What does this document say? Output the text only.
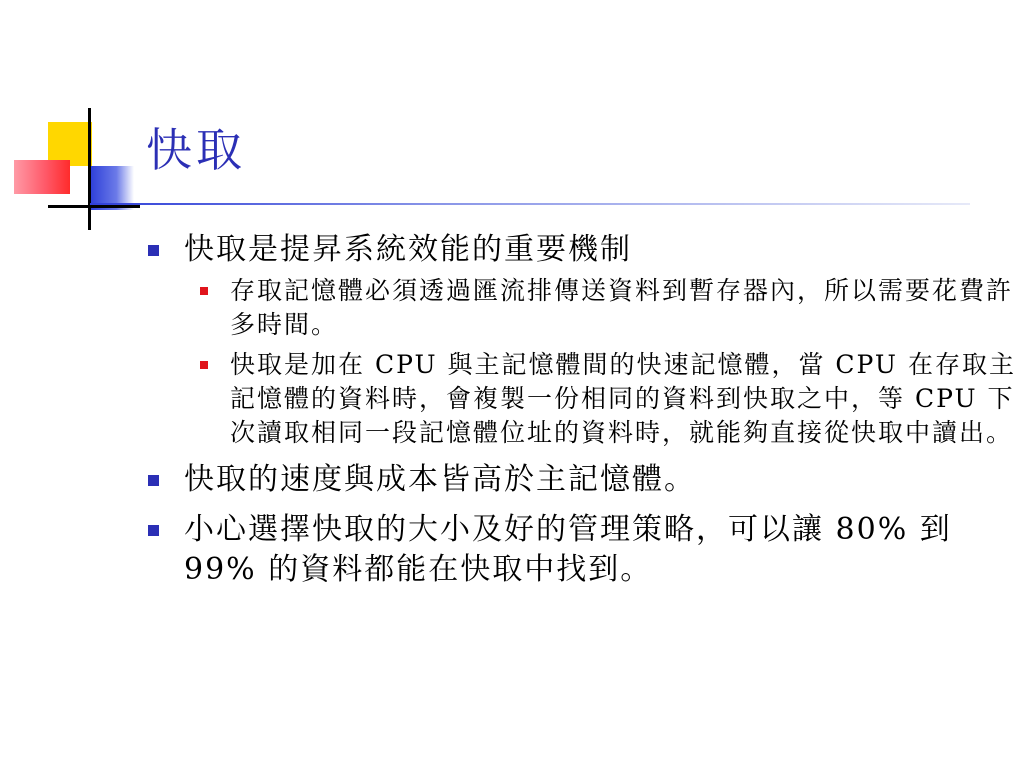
快取
快取是提昇系統效能的重要機制
存取記憶體必須透過匯流排傳送資料到暫存器內，所以需要花費許多時間。
快取是加在 CPU 與主記憶體間的快速記憶體，當 CPU 在存取主記憶體的資料時，會複製一份相同的資料到快取之中，等 CPU 下次讀取相同一段記憶體位址的資料時，就能夠直接從快取中讀出。
快取的速度與成本皆高於主記憶體。
小心選擇快取的大小及好的管理策略，可以讓 80% 到 99% 的資料都能在快取中找到。
